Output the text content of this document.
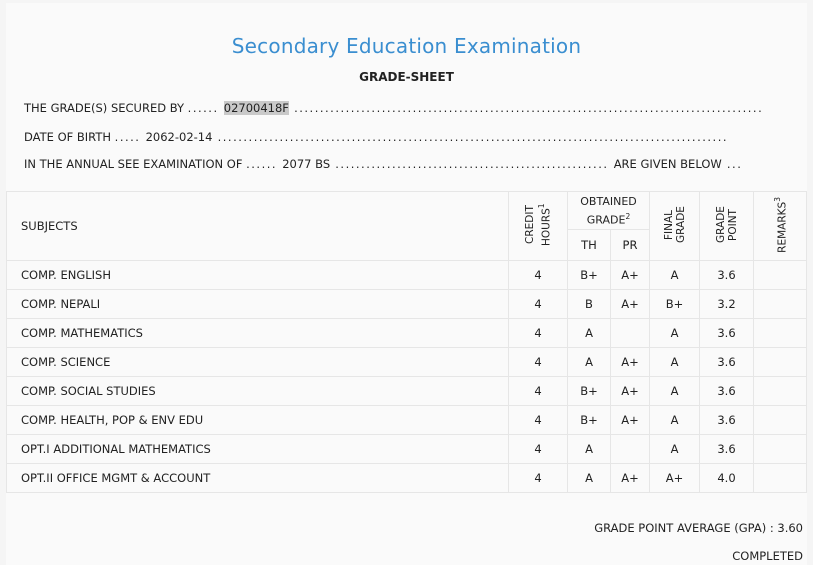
Secondary Education Examination
GRADE-SHEET
THE GRADE(S) SECURED BY ...... 02700418F ...........................................................................................
DATE OF BIRTH ..... 2062-02-14 ...................................................................................................
IN THE ANNUAL SEE EXAMINATION OF ...... 2077 BS ..................................................... ARE GIVEN BELOW ...
SUBJECTS	CREDIT HOURS$^1$	OBTAINED GRADE$^2$		FINAL GRADE	GRADE POINT	REMARKS$^3$
		TH	PR			
COMP. ENGLISH	4	B+	A+	A	3.6	
COMP. NEPALI	4	B	A+	B+	3.2	
COMP. MATHEMATICS	4	A		A	3.6	
COMP. SCIENCE	4	A	A+	A	3.6	
COMP. SOCIAL STUDIES	4	B+	A+	A	3.6	
COMP. HEALTH, POP & ENV EDU	4	B+	A+	A	3.6	
OPT.I ADDITIONAL MATHEMATICS	4	A		A	3.6	
OPT.II OFFICE MGMT & ACCOUNT	4	A	A+	A+	4.0	
GRADE POINT AVERAGE (GPA) : 3.60
COMPLETED
